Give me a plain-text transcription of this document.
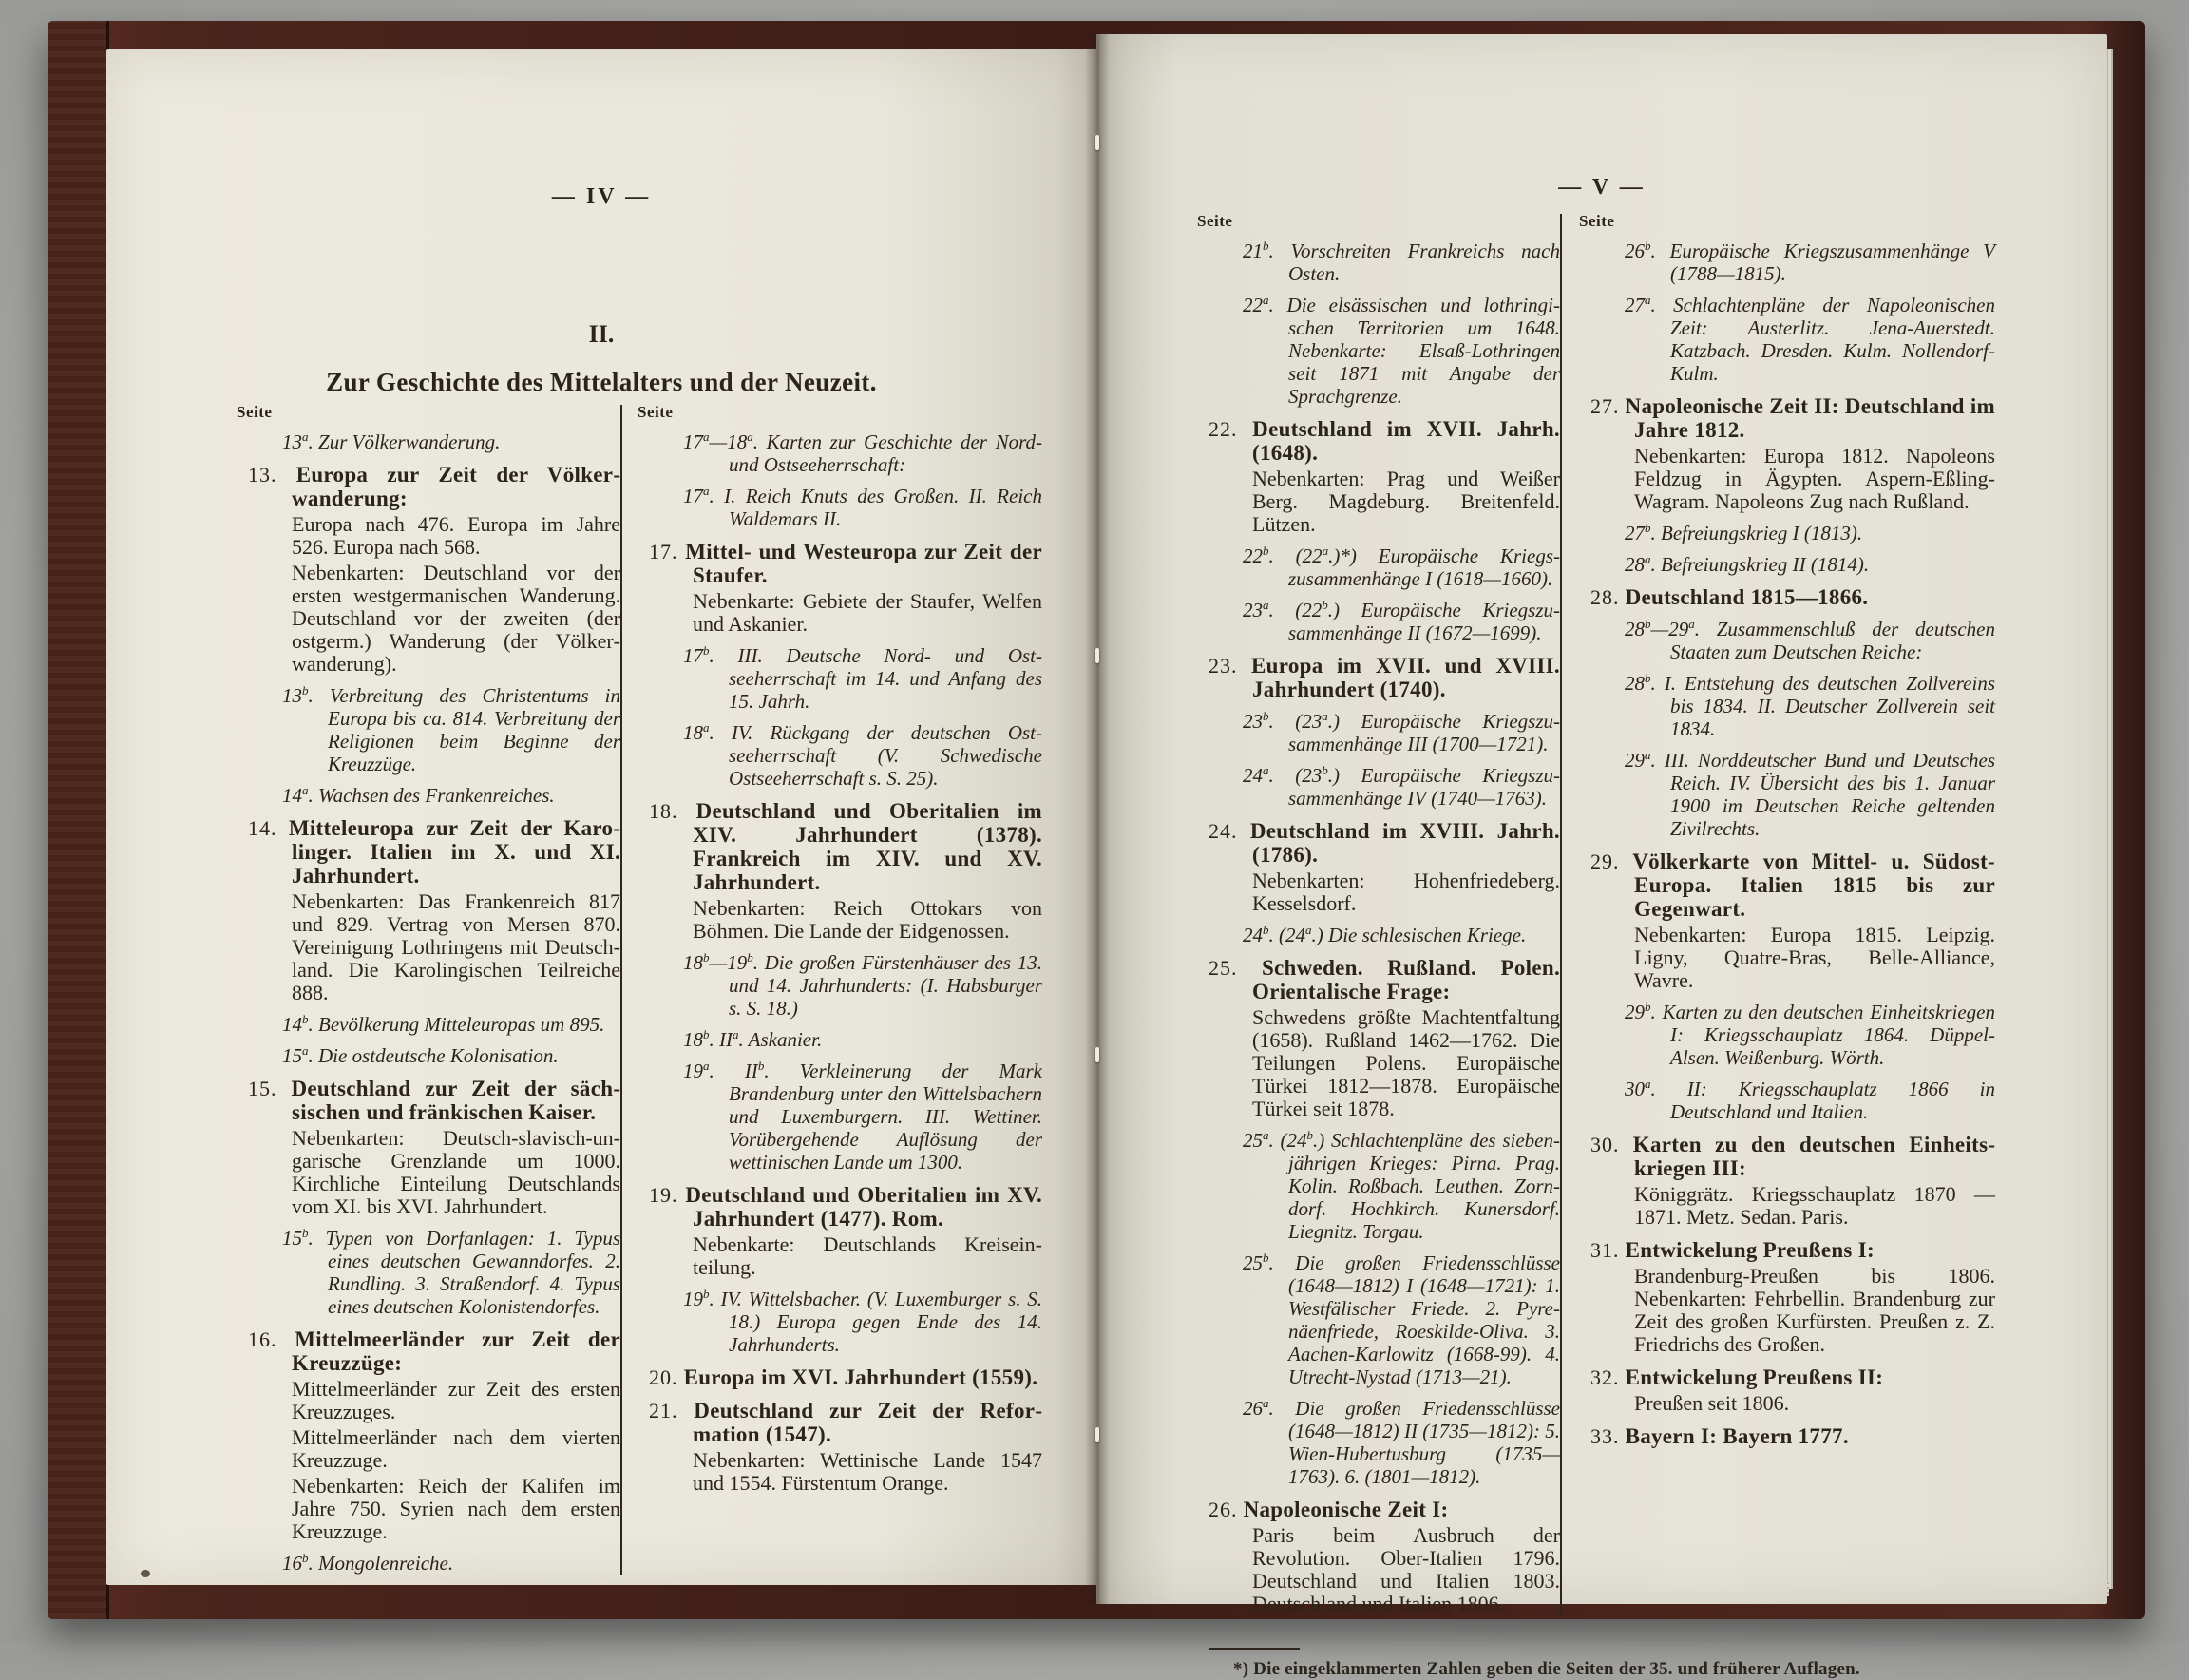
— IV —
II.
Zur Geschichte des Mittelalters und der Neuzeit.
Seite

13$^a$. Zur Völkerwanderung.

13. Europa zur Zeit der Völkerwanderung:

Europa nach 476. Europa im Jahre 526. Europa nach 568.

Nebenkarten: Deutschland vor der ersten westgermanischen Wanderung. Deutschland vor der zweiten (der ostgerm.) Wanderung (der Völkerwanderung).

13$^b$. Verbreitung des Christentums in Europa bis ca. 814. Verbreitung der Religionen beim Beginne der Kreuzzüge.

14$^a$. Wachsen des Frankenreiches.

14. Mitteleuropa zur Zeit der Karolinger. Italien im X. und XI. Jahrhundert.

Nebenkarten: Das Frankenreich 817 und 829. Vertrag von Mersen 870. Vereinigung Lothringens mit Deutschland. Die Karolingischen Teilreiche 888.

14$^b$. Bevölkerung Mitteleuropas um 895.

15$^a$. Die ostdeutsche Kolonisation.

15. Deutschland zur Zeit der sächsischen und fränkischen Kaiser.

Nebenkarten: Deutsch-slavisch-ungarische Grenzlande um 1000. Kirchliche Einteilung Deutschlands vom XI. bis XVI. Jahrhundert.

15$^b$. Typen von Dorfanlagen: 1. Typus eines deutschen Gewanndorfes. 2. Rundling. 3. Straßendorf. 4. Typus eines deutschen Kolonistendorfes.

16. Mittelmeerländer zur Zeit der Kreuzzüge:

Mittelmeerländer zur Zeit des ersten Kreuzzuges.

Mittelmeerländer nach dem vierten Kreuzzuge.

Nebenkarten: Reich der Kalifen im Jahre 750. Syrien nach dem ersten Kreuzzuge.

16$^b$. Mongolenreiche.

Seite

17$^a$—18$^a$. Karten zur Geschichte der Nord- und Ostseeherrschaft:

17$^a$. I. Reich Knuts des Großen. II. Reich Waldemars II.

17. Mittel- und Westeuropa zur Zeit der Staufer.

Nebenkarte: Gebiete der Staufer, Welfen und Askanier.

17$^b$. III. Deutsche Nord- und Ostseeherrschaft im 14. und Anfang des 15. Jahrh.

18$^a$. IV. Rückgang der deutschen Ostseeherrschaft (V. Schwedische Ostseeherrschaft s. S. 25).

18. Deutschland und Oberitalien im XIV. Jahrhundert (1378). Frankreich im XIV. und XV. Jahrhundert.

Nebenkarten: Reich Ottokars von Böhmen. Die Lande der Eidgenossen.

18$^b$—19$^b$. Die großen Fürstenhäuser des 13. und 14. Jahrhunderts: (I. Habsburger s. S. 18.)

18$^b$. $II^a$. Askanier.

19$^a$. $II^b$. Verkleinerung der Mark Brandenburg unter den Wittelsbachern und Luxemburgern. III. Wettiner. Vorübergehende Auflösung der wettinischen Lande um 1300.

19. Deutschland und Oberitalien im XV. Jahrhundert (1477). Rom.

Nebenkarte: Deutschlands Kreiseinteilung.

19$^b$. IV. Wittelsbacher. (V. Luxemburger s. S. 18.) Europa gegen Ende des 14. Jahrhunderts.

20. Europa im XVI. Jahrhundert (1559).

21. Deutschland zur Zeit der Reformation (1547).

Nebenkarten: Wettinische Lande 1547 und 1554. Fürstentum Orange.

— V —
Seite

21$^b$. Vorschreiten Frankreichs nach Osten.

22$^a$. Die elsässischen und lothringischen Territorien um 1648. Nebenkarte: Elsaß-Lothringen seit 1871 mit Angabe der Sprachgrenze.

22. Deutschland im XVII. Jahrh. (1648).

Nebenkarten: Prag und Weißer Berg. Magdeburg. Breitenfeld. Lützen.

22$^b$. (22$^a$.)*) Europäische Kriegszusammenhänge I (1618—1660).

23$^a$. (22$^b$.) Europäische Kriegszusammenhänge II (1672—1699).

23. Europa im XVII. und XVIII. Jahrhundert (1740).

23$^b$. (23$^a$.) Europäische Kriegszusammenhänge III (1700—1721).

24$^a$. (23$^b$.) Europäische Kriegszusammenhänge IV (1740—1763).

24. Deutschland im XVIII. Jahrh. (1786).

Nebenkarten: Hohenfriedeberg. Kesselsdorf.

24$^b$. (24$^a$.) Die schlesischen Kriege.

25. Schweden. Rußland. Polen. Orientalische Frage:

Schwedens größte Machtentfaltung (1658). Rußland 1462—1762. Die Teilungen Polens. Europäische Türkei 1812—1878. Europäische Türkei seit 1878.

25$^a$. (24$^b$.) Schlachtenpläne des siebenjährigen Krieges: Pirna. Prag. Kolin. Roßbach. Leuthen. Zorndorf. Hochkirch. Kunersdorf. Liegnitz. Torgau.

25$^b$. Die großen Friedensschlüsse (1648—1812) I (1648—1721): 1. Westfälischer Friede. 2. Pyrenäenfriede, Roeskilde-Oliva. 3. Aachen-Karlowitz (1668-99). 4. Utrecht-Nystad (1713—21).

26$^a$. Die großen Friedensschlüsse (1648—1812) II (1735—1812): 5. Wien-Hubertusburg (1735—1763). 6. (1801—1812).

26. Napoleonische Zeit I:

Paris beim Ausbruch der Revolution. Ober-Italien 1796. Deutschland und Italien 1803. Deutschland und Italien 1806.

Seite

26$^b$. Europäische Kriegszusammenhänge V (1788—1815).

27$^a$. Schlachtenpläne der Napoleonischen Zeit: Austerlitz. Jena-Auerstedt. Katzbach. Dresden. Kulm. Nollendorf-Kulm.

27. Napoleonische Zeit II: Deutschland im Jahre 1812.

Nebenkarten: Europa 1812. Napoleons Feldzug in Ägypten. Aspern-Eßling-Wagram. Napoleons Zug nach Rußland.

27$^b$. Befreiungskrieg I (1813).

28$^a$. Befreiungskrieg II (1814).

28. Deutschland 1815—1866.

28$^b$—29$^a$. Zusammenschluß der deutschen Staaten zum Deutschen Reiche:

28$^b$. I. Entstehung des deutschen Zollvereins bis 1834. II. Deutscher Zollverein seit 1834.

29$^a$. III. Norddeutscher Bund und Deutsches Reich. IV. Übersicht des bis 1. Januar 1900 im Deutschen Reiche geltenden Zivilrechts.

29. Völkerkarte von Mittel- u. Südost-Europa. Italien 1815 bis zur Gegenwart.

Nebenkarten: Europa 1815. Leipzig. Ligny, Quatre-Bras, Belle-Alliance, Wavre.

29$^b$. Karten zu den deutschen Einheitskriegen I: Kriegsschauplatz 1864. Düppel-Alsen. Weißenburg. Wörth.

30$^a$. II: Kriegsschauplatz 1866 in Deutschland und Italien.

30. Karten zu den deutschen Einheitskriegen III:

Königgrätz. Kriegsschauplatz 1870 —1871. Metz. Sedan. Paris.

31. Entwickelung Preußens I:

Brandenburg-Preußen bis 1806. Nebenkarten: Fehrbellin. Brandenburg zur Zeit des großen Kurfürsten. Preußen z. Z. Friedrichs des Großen.

32. Entwickelung Preußens II:

Preußen seit 1806.

33. Bayern I: Bayern 1777.

*) Die eingeklammerten Zahlen geben die Seiten der 35. und früherer Auflagen.
